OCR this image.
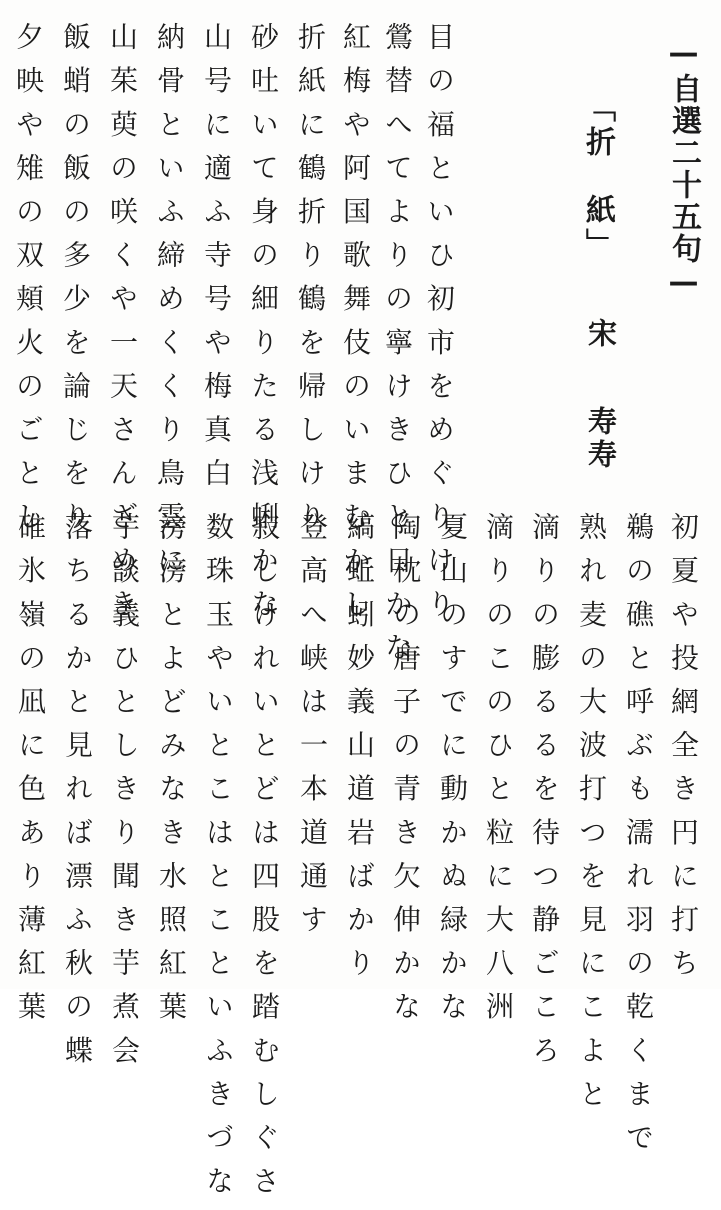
—自選二十五句—
「折　紙」
宋
寿寿
目の福といひ初市をめぐりけり
鶯替へてよりの寧けきひと日かな
紅梅や阿国歌舞伎のいまむかし
折紙に鶴折り鶴を帰しけり
砂吐いて身の細りたる浅蜊かな
山号に適ふ寺号や梅真白
納骨といふ締めくくり鳥雲に
山茱萸の咲くや一天さんざめき
飯蛸の飯の多少を論じをり
夕映や雉の双頬火のごとし
初夏や投網全き円に打ち
鵜の礁と呼ぶも濡れ羽の乾くまで
熟れ麦の大波打つを見にこよと
滴りの膨るるを待つ静ごころ
滴りのこのひと粒に大八洲
夏山のすでに動かぬ緑かな
陶枕の唐子の青き欠伸かな
縞蚯蚓妙義山道岩ばかり
登高へ峡は一本道通す
寂しけれいとどは四股を踏むしぐさ
数珠玉やいとこはとこといふきづな
滂滂とよどみなき水照紅葉
芋談義ひとしきり聞き芋煮会
落ちるかと見れば漂ふ秋の蝶
碓氷嶺の凪に色あり薄紅葉
